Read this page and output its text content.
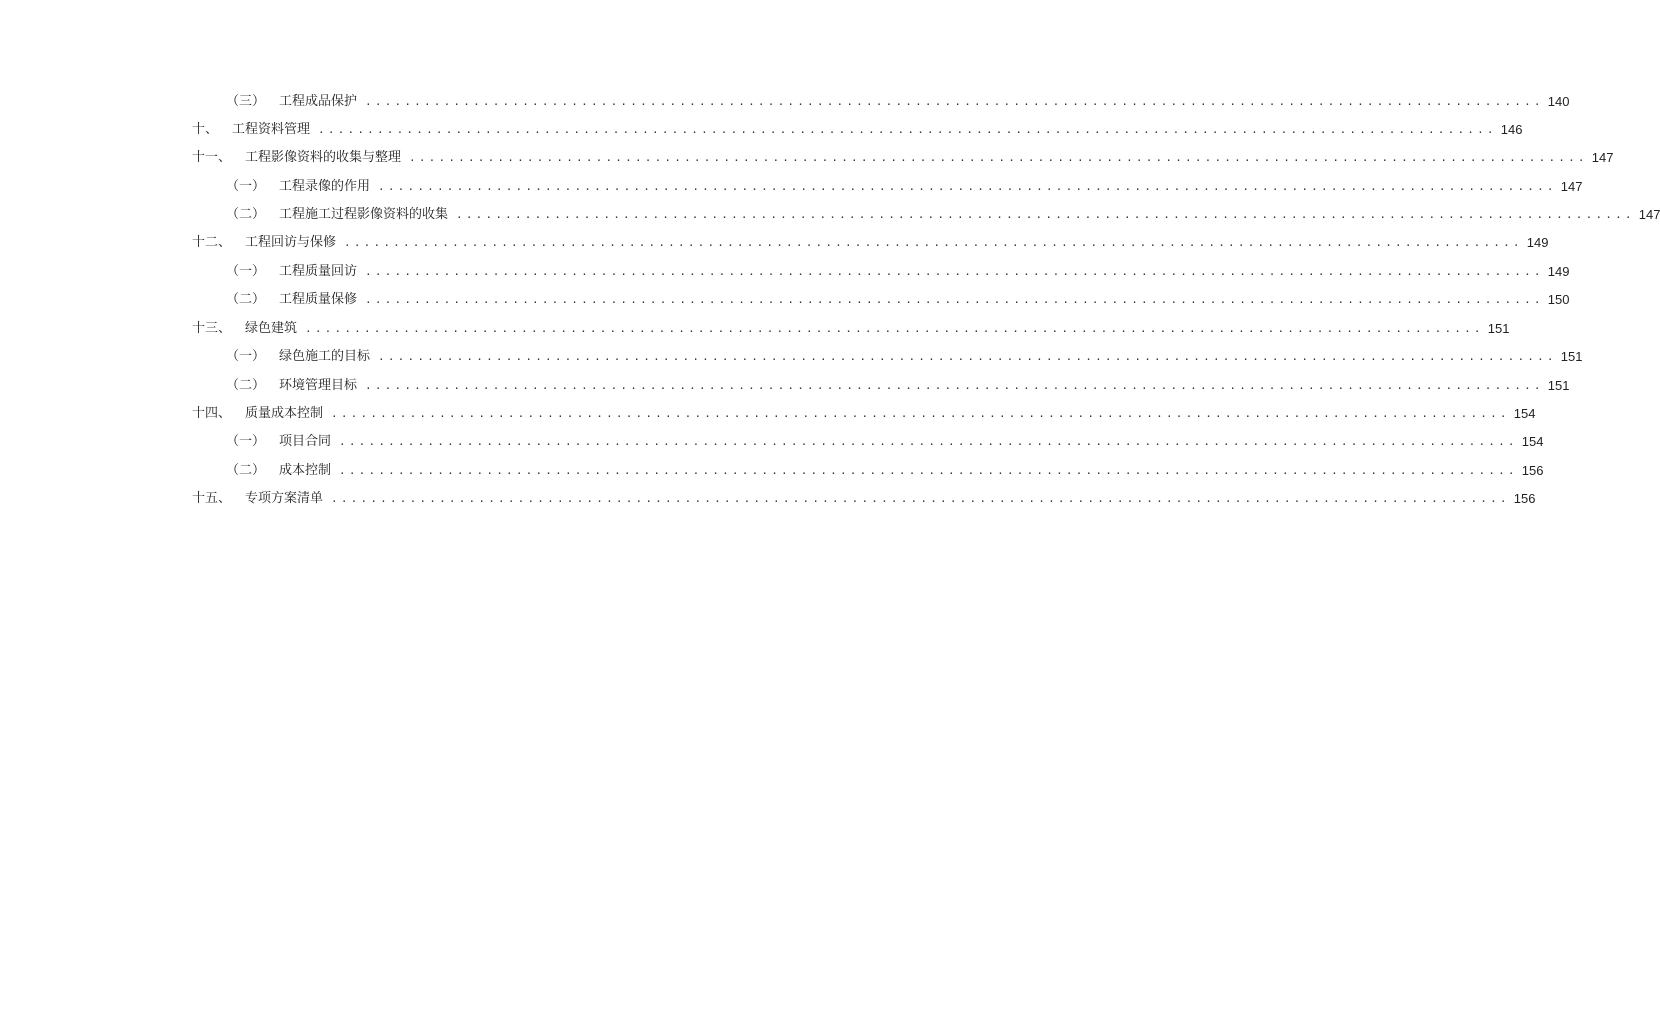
（三） 工程成品保护 ........................................................................................................................ 140
十、 工程资料管理 ........................................................................................................................ 146
十一、 工程影像资料的收集与整理 ........................................................................................................................ 147
（一） 工程录像的作用 ........................................................................................................................ 147
（二） 工程施工过程影像资料的收集 ........................................................................................................................ 147
十二、 工程回访与保修 ........................................................................................................................ 149
（一） 工程质量回访 ........................................................................................................................ 149
（二） 工程质量保修 ........................................................................................................................ 150
十三、 绿色建筑 ........................................................................................................................ 151
（一） 绿色施工的目标 ........................................................................................................................ 151
（二） 环境管理目标 ........................................................................................................................ 151
十四、 质量成本控制 ........................................................................................................................ 154
（一） 项目合同 ........................................................................................................................ 154
（二） 成本控制 ........................................................................................................................ 156
十五、 专项方案清单 ........................................................................................................................ 156
